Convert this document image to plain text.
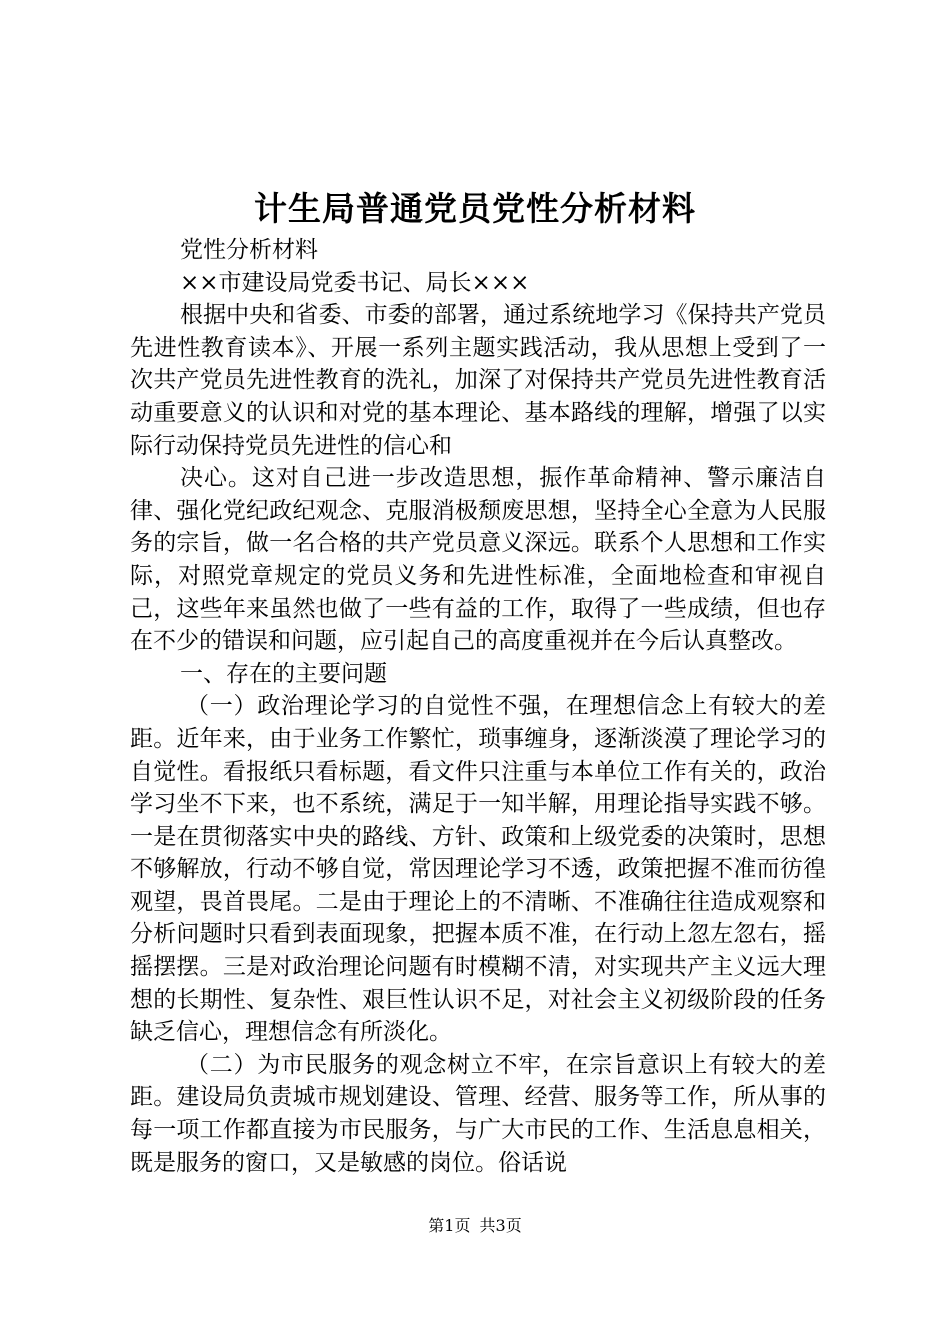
计生局普通党员党性分析材料

党性分析材料

××市建设局党委书记、局长×××

根据中央和省委、市委的部署，通过系统地学习《保持共产党员先进性教育读本》、开展一系列主题实践活动，我从思想上受到了一次共产党员先进性教育的洗礼，加深了对保持共产党员先进性教育活动重要意义的认识和对党的基本理论、基本路线的理解，增强了以实际行动保持党员先进性的信心和

决心。这对自己进一步改造思想，振作革命精神、警示廉洁自律、强化党纪政纪观念、克服消极颓废思想，坚持全心全意为人民服务的宗旨，做一名合格的共产党员意义深远。联系个人思想和工作实际，对照党章规定的党员义务和先进性标准，全面地检查和审视自己，这些年来虽然也做了一些有益的工作，取得了一些成绩，但也存在不少的错误和问题，应引起自己的高度重视并在今后认真整改。

一、存在的主要问题

（一）政治理论学习的自觉性不强，在理想信念上有较大的差距。近年来，由于业务工作繁忙，琐事缠身，逐渐淡漠了理论学习的自觉性。看报纸只看标题，看文件只注重与本单位工作有关的，政治学习坐不下来，也不系统，满足于一知半解，用理论指导实践不够。一是在贯彻落实中央的路线、方针、政策和上级党委的决策时，思想不够解放，行动不够自觉，常因理论学习不透，政策把握不准而彷徨观望，畏首畏尾。二是由于理论上的不清晰、不准确往往造成观察和分析问题时只看到表面现象，把握本质不准，在行动上忽左忽右，摇摇摆摆。三是对政治理论问题有时模糊不清，对实现共产主义远大理想的长期性、复杂性、艰巨性认识不足，对社会主义初级阶段的任务缺乏信心，理想信念有所淡化。

（二）为市民服务的观念树立不牢，在宗旨意识上有较大的差距。建设局负责城市规划建设、管理、经营、服务等工作，所从事的每一项工作都直接为市民服务，与广大市民的工作、生活息息相关，既是服务的窗口，又是敏感的岗位。俗话说

第1页 共3页
